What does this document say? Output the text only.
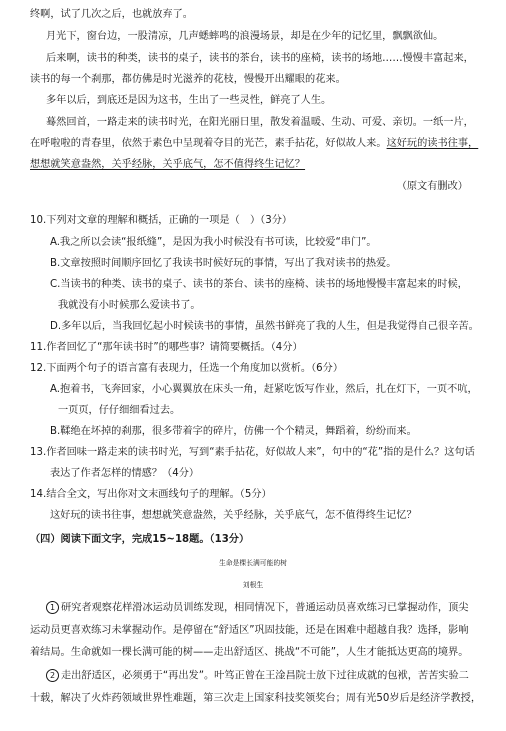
终啊，试了几次之后，也就放弃了。
月光下，窗台边，一股清凉，几声蟋蟀鸣的浪漫场景，却是在少年的记忆里，飘飘欲仙。
后来啊，读书的种类，读书的桌子，读书的茶台，读书的座椅，读书的场地……慢慢丰富起来，
读书的每一个刹那，都仿佛是时光滋养的花枝，慢慢开出耀眼的花来。
多年以后，到底还是因为这书，生出了一些灵性，鲜亮了人生。
蓦然回首，一路走来的读书时光，在阳光丽日里，散发着温暖、生动、可爱、亲切。一纸一片，
在呼啦啦的青春里，依然于素色中呈现着夺目的光芒，素手拈花，好似故人来。这好玩的读书往事，
想想就笑意盎然，关乎经脉，关乎底气，怎不值得终生记忆？
（原文有删改）
10.下列对文章的理解和概括，正确的一项是（　）（3分）
A.我之所以会读“报纸缝”，是因为我小时候没有书可读，比较爱“串门”。
B.文章按照时间顺序回忆了我读书时候好玩的事情，写出了我对读书的热爱。
C.当读书的种类、读书的桌子、读书的茶台、读书的座椅、读书的场地慢慢丰富起来的时候，
我就没有小时候那么爱读书了。
D.多年以后，当我回忆起小时候读书的事情，虽然书鲜亮了我的人生，但是我觉得自己很辛苦。
11.作者回忆了“那年读书时”的哪些事？请简要概括。（4分）
12.下面两个句子的语言富有表现力，任选一个角度加以赏析。（6分）
A.抱着书，飞奔回家，小心翼翼放在床头一角，赶紧吃饭写作业，然后，扎在灯下，一页不吭，
一页页，仔仔细细看过去。
B.鞣绝在坏掉的刹那，很多带着字的碎片，仿佛一个个精灵，舞蹈着，纷纷而来。
13.作者回味一路走来的读书时光，写到“素手拈花，好似故人来”，句中的“花”指的是什么？这句话
表达了作者怎样的情感？（4分）
14.结合全文，写出你对文末画线句子的理解。（5分）
这好玩的读书往事，想想就笑意盎然，关乎经脉，关乎底气，怎不值得终生记忆？
（四）阅读下面文字，完成15~18题。（13分）
生命是棵长满可能的树
刘根生
1 研究者观察花样滑冰运动员训练发现，相同情况下，普通运动员喜欢练习已掌握动作，顶尖
运动员更喜欢练习未掌握动作。是停留在“舒适区”巩固技能，还是在困难中超越自我？选择，影响
着结局。生命就如一棵长满可能的树——走出舒适区、挑战“不可能”，人生才能抵达更高的境界。
2 走出舒适区，必须勇于“再出发”。叶笃正曾在王淦昌院士放下过往成就的包袱，苦苦实验二
十载，解决了火炸药领域世界性难题，第三次走上国家科技奖领奖台；周有光50岁后是经济学教授，
